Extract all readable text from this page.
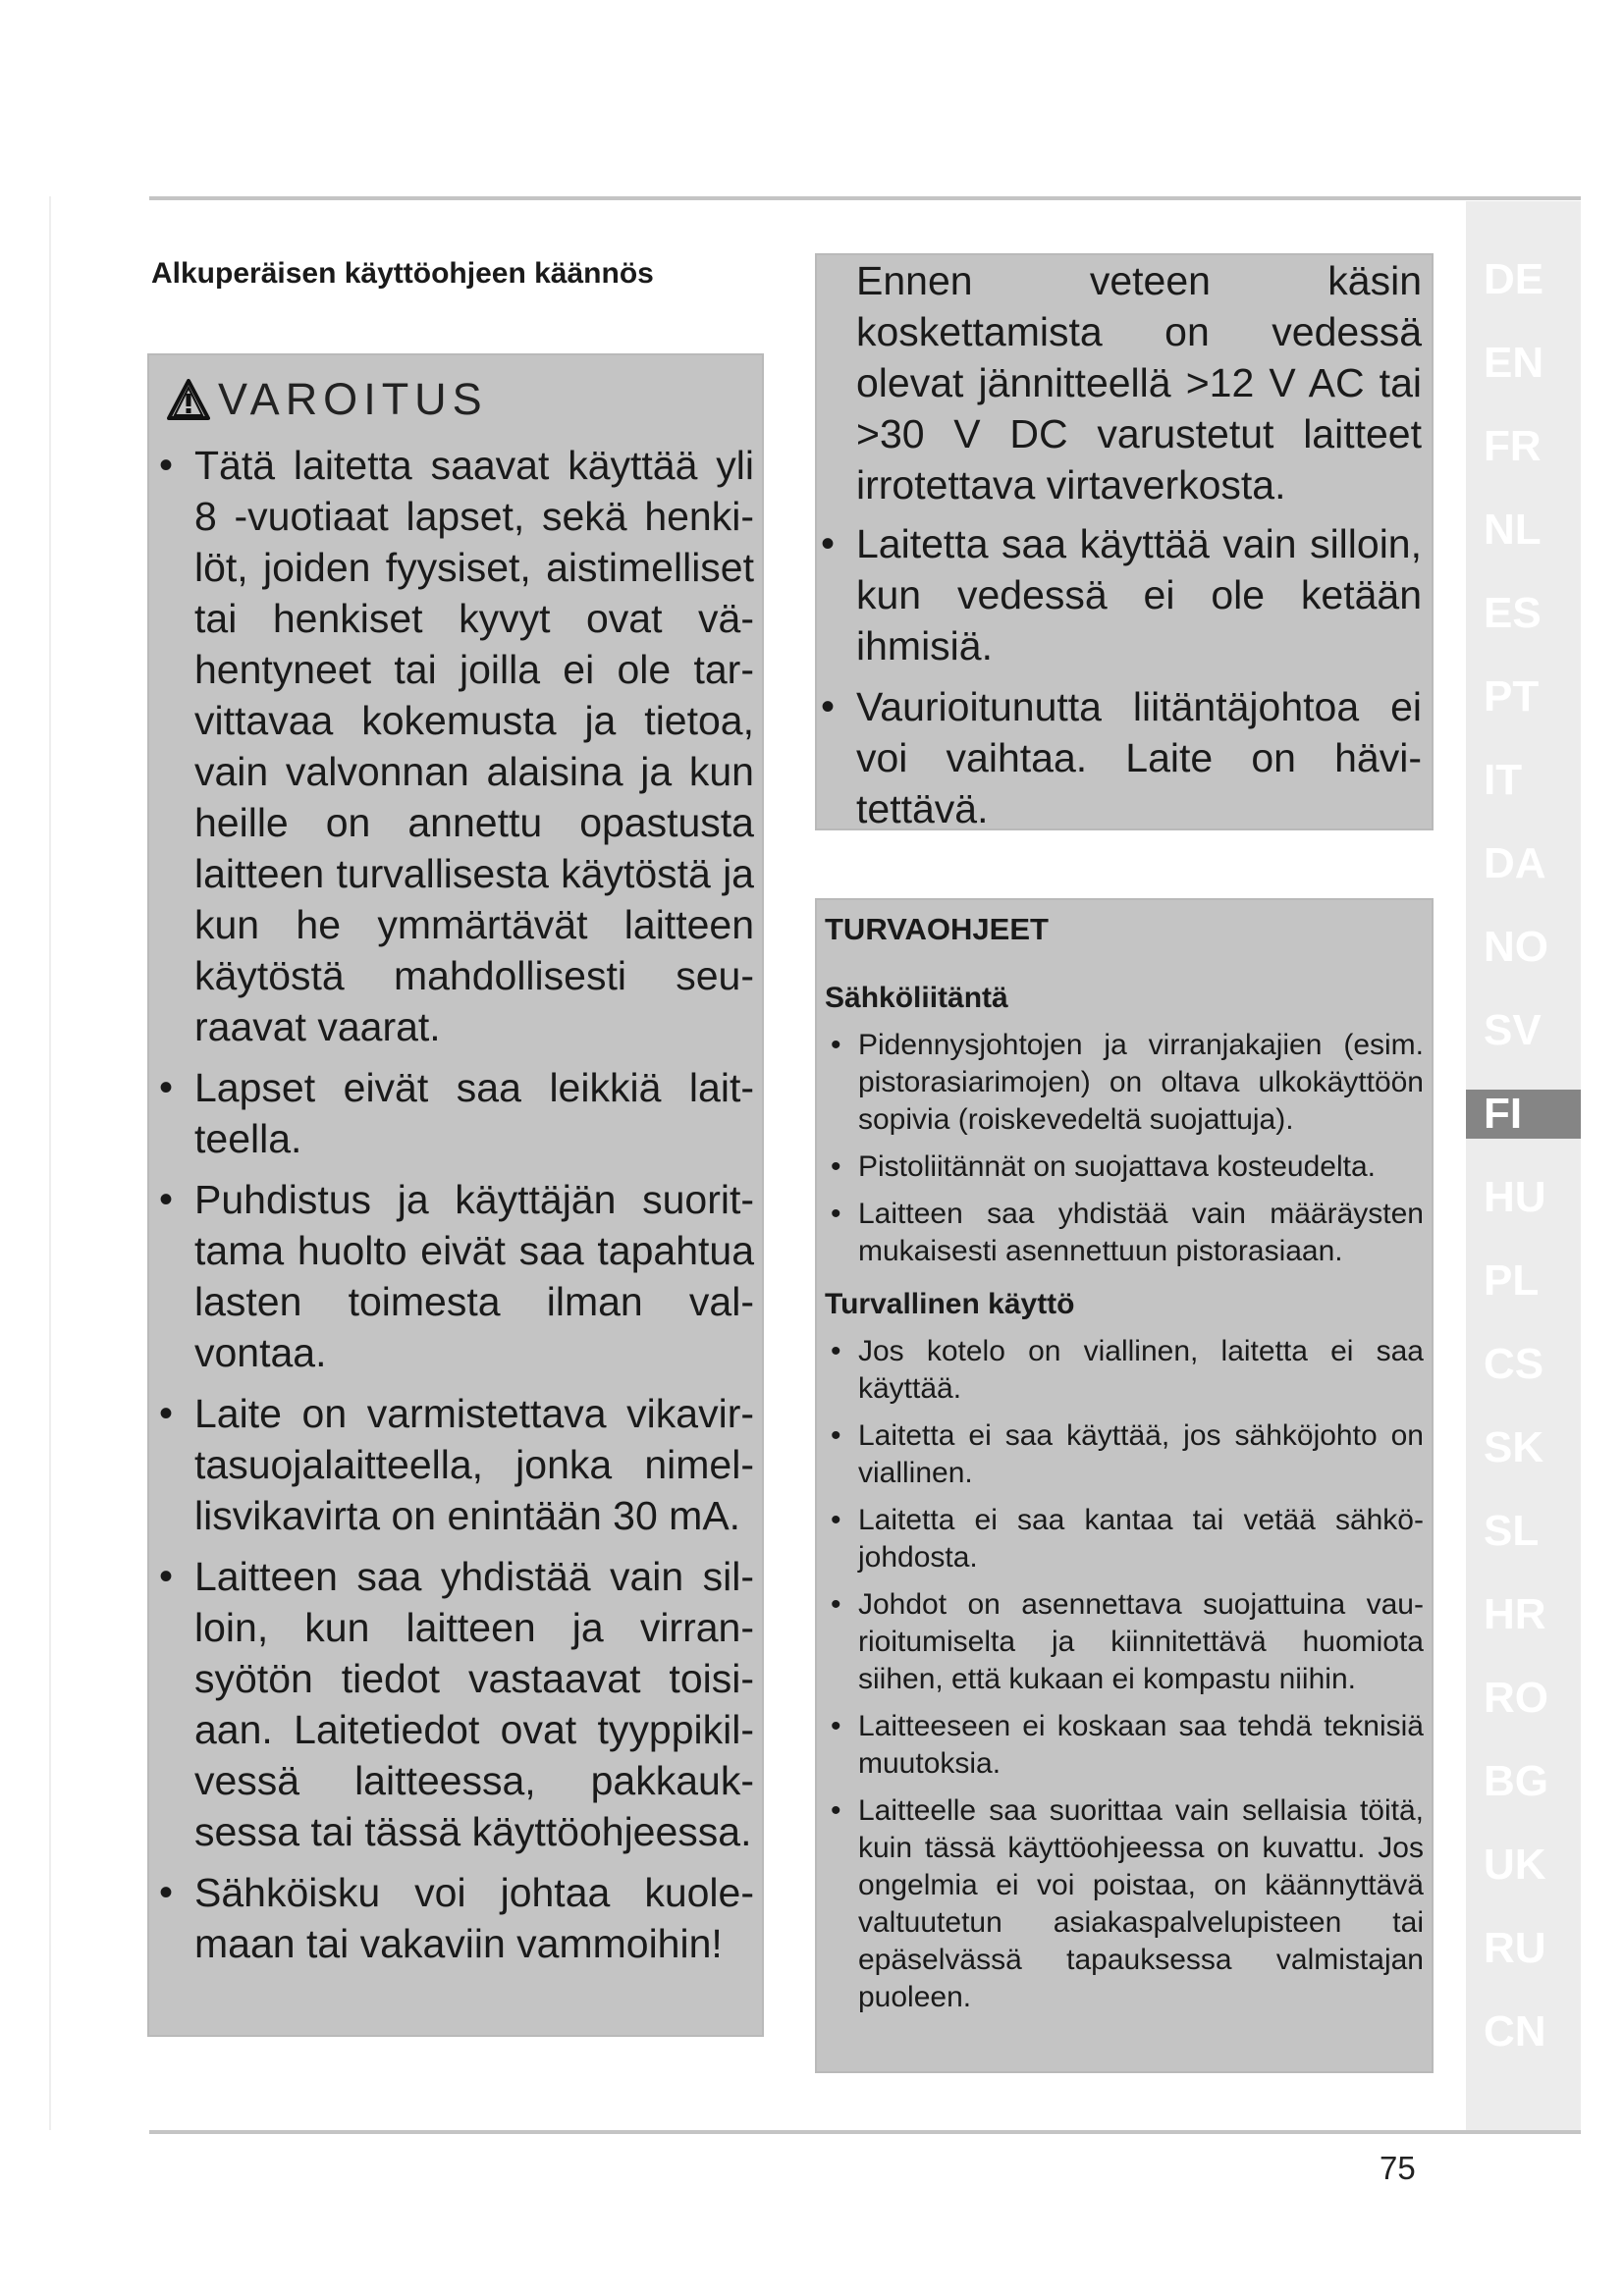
Alkuperäisen käyttöohjeen käännös
VAROITUS
• Tätä laitetta saavat käyttää yli 8 -vuotiaat lapset, sekä henkilöt, joiden fyysiset, aistimelliset tai henkiset kyvyt ovat vähentyneet tai joilla ei ole tarvittavaa kokemusta ja tietoa, vain valvonnan alaisina ja kun heille on annettu opastusta laitteen turvallisesta käytöstä ja kun he ymmärtävät laitteen käytöstä mahdollisesti seuraavat vaarat.
• Lapset eivät saa leikkiä laitteella.
• Puhdistus ja käyttäjän suorittama huolto eivät saa tapahtua lasten toimesta ilman valvontaa.
• Laite on varmistettava vikavirtasuojalaitteella, jonka nimellisvikavirta on enintään 30 mA.
• Laitteen saa yhdistää vain silloin, kun laitteen ja virransyötön tiedot vastaavat toisiaan. Laitetiedot ovat tyyppikilvessä laitteessa, pakkauksessa tai tässä käyttöohjeessa.
• Sähköisku voi johtaa kuolemaan tai vakaviin vammoihin!

Ennen veteen käsin koskettamista on vedessä olevat jännitteellä >12 V AC tai >30 V DC varustetut laitteet irrotettava virtaverkosta.

• Laitetta saa käyttää vain silloin, kun vedessä ei ole ketään ihmisiä.
• Vaurioitunutta liitäntäjohtoa ei voi vaihtaa. Laite on hävitettävä.
TURVAOHJEET
Sähköliitäntä
• Pidennysjohtojen ja virranjakajien (esim. pistorasiarimojen) on oltava ulkokäyttöön sopivia (roiskevedeltä suojattuja).
• Pistoliitännät on suojattava kosteudelta.
• Laitteen saa yhdistää vain määräysten mukaisesti asennettuun pistorasiaan.
Turvallinen käyttö
• Jos kotelo on viallinen, laitetta ei saa käyttää.
• Laitetta ei saa käyttää, jos sähköjohto on viallinen.
• Laitetta ei saa kantaa tai vetää sähköjohdosta.
• Johdot on asennettava suojattuina vaurioitumiselta ja kiinnitettävä huomiota siihen, että kukaan ei kompastu niihin.
• Laitteeseen ei koskaan saa tehdä teknisiä muutoksia.
• Laitteelle saa suorittaa vain sellaisia töitä, kuin tässä käyttöohjeessa on kuvattu. Jos ongelmia ei voi poistaa, on käännyttävä valtuutetun asiakaspalvelupisteen tai epäselvässä tapauksessa valmistajan puoleen.
DE
EN
FR
NL
ES
PT
IT
DA
NO
SV
FI
HU
PL
CS
SK
SL
HR
RO
BG
UK
RU
CN
75
